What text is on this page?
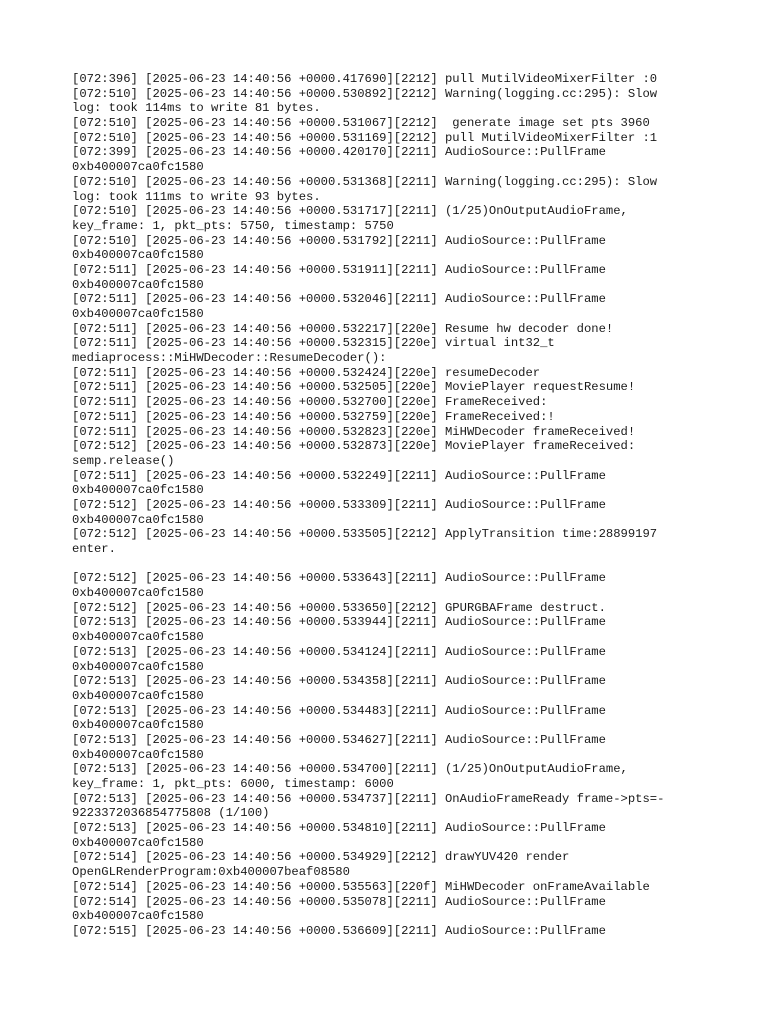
[072:396] [2025-06-23 14:40:56 +0000.417690][2212] pull MutilVideoMixerFilter :0
[072:510] [2025-06-23 14:40:56 +0000.530892][2212] Warning(logging.cc:295): Slow
log: took 114ms to write 81 bytes.
[072:510] [2025-06-23 14:40:56 +0000.531067][2212]  generate image set pts 3960
[072:510] [2025-06-23 14:40:56 +0000.531169][2212] pull MutilVideoMixerFilter :1
[072:399] [2025-06-23 14:40:56 +0000.420170][2211] AudioSource::PullFrame
0xb400007ca0fc1580
[072:510] [2025-06-23 14:40:56 +0000.531368][2211] Warning(logging.cc:295): Slow
log: took 111ms to write 93 bytes.
[072:510] [2025-06-23 14:40:56 +0000.531717][2211] (1/25)OnOutputAudioFrame,
key_frame: 1, pkt_pts: 5750, timestamp: 5750
[072:510] [2025-06-23 14:40:56 +0000.531792][2211] AudioSource::PullFrame
0xb400007ca0fc1580
[072:511] [2025-06-23 14:40:56 +0000.531911][2211] AudioSource::PullFrame
0xb400007ca0fc1580
[072:511] [2025-06-23 14:40:56 +0000.532046][2211] AudioSource::PullFrame
0xb400007ca0fc1580
[072:511] [2025-06-23 14:40:56 +0000.532217][220e] Resume hw decoder done!
[072:511] [2025-06-23 14:40:56 +0000.532315][220e] virtual int32_t
mediaprocess::MiHWDecoder::ResumeDecoder():
[072:511] [2025-06-23 14:40:56 +0000.532424][220e] resumeDecoder
[072:511] [2025-06-23 14:40:56 +0000.532505][220e] MoviePlayer requestResume!
[072:511] [2025-06-23 14:40:56 +0000.532700][220e] FrameReceived:
[072:511] [2025-06-23 14:40:56 +0000.532759][220e] FrameReceived:!
[072:511] [2025-06-23 14:40:56 +0000.532823][220e] MiHWDecoder frameReceived!
[072:512] [2025-06-23 14:40:56 +0000.532873][220e] MoviePlayer frameReceived:
semp.release()
[072:511] [2025-06-23 14:40:56 +0000.532249][2211] AudioSource::PullFrame
0xb400007ca0fc1580
[072:512] [2025-06-23 14:40:56 +0000.533309][2211] AudioSource::PullFrame
0xb400007ca0fc1580
[072:512] [2025-06-23 14:40:56 +0000.533505][2212] ApplyTransition time:28899197
enter.
[072:512] [2025-06-23 14:40:56 +0000.533643][2211] AudioSource::PullFrame
0xb400007ca0fc1580
[072:512] [2025-06-23 14:40:56 +0000.533650][2212] GPURGBAFrame destruct.
[072:513] [2025-06-23 14:40:56 +0000.533944][2211] AudioSource::PullFrame
0xb400007ca0fc1580
[072:513] [2025-06-23 14:40:56 +0000.534124][2211] AudioSource::PullFrame
0xb400007ca0fc1580
[072:513] [2025-06-23 14:40:56 +0000.534358][2211] AudioSource::PullFrame
0xb400007ca0fc1580
[072:513] [2025-06-23 14:40:56 +0000.534483][2211] AudioSource::PullFrame
0xb400007ca0fc1580
[072:513] [2025-06-23 14:40:56 +0000.534627][2211] AudioSource::PullFrame
0xb400007ca0fc1580
[072:513] [2025-06-23 14:40:56 +0000.534700][2211] (1/25)OnOutputAudioFrame,
key_frame: 1, pkt_pts: 6000, timestamp: 6000
[072:513] [2025-06-23 14:40:56 +0000.534737][2211] OnAudioFrameReady frame->pts=-
9223372036854775808 (1/100)
[072:513] [2025-06-23 14:40:56 +0000.534810][2211] AudioSource::PullFrame
0xb400007ca0fc1580
[072:514] [2025-06-23 14:40:56 +0000.534929][2212] drawYUV420 render
OpenGLRenderProgram:0xb400007beaf08580
[072:514] [2025-06-23 14:40:56 +0000.535563][220f] MiHWDecoder onFrameAvailable
[072:514] [2025-06-23 14:40:56 +0000.535078][2211] AudioSource::PullFrame
0xb400007ca0fc1580
[072:515] [2025-06-23 14:40:56 +0000.536609][2211] AudioSource::PullFrame
